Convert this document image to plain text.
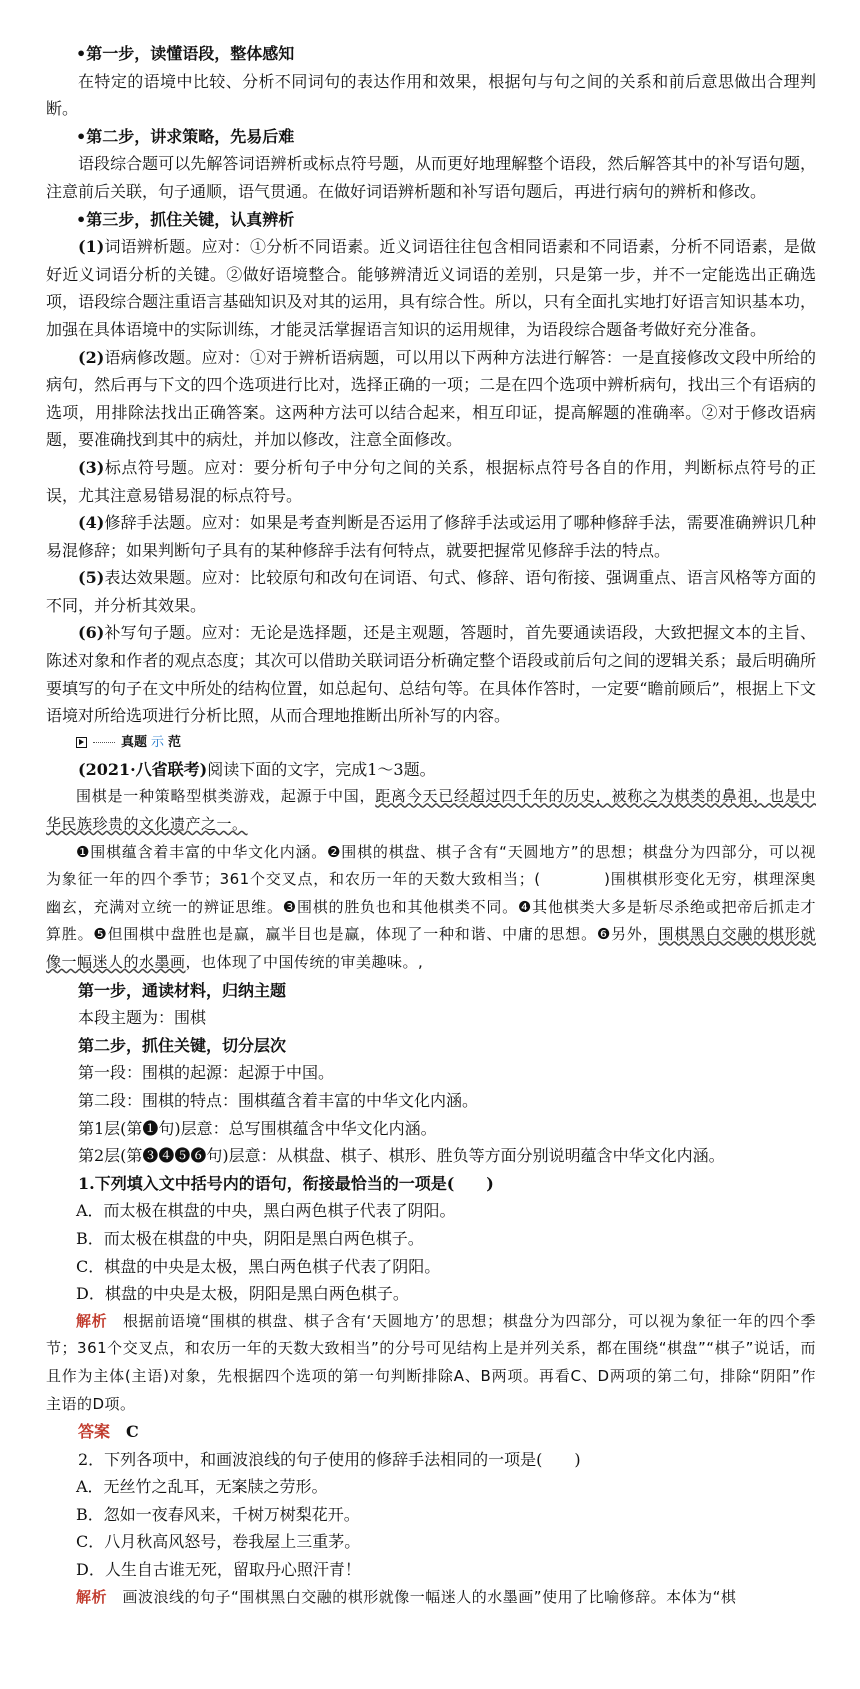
•第一步，读懂语段，整体感知

在特定的语境中比较、分析不同词句的表达作用和效果，根据句与句之间的关系和前后意思做出合理判断。

•第二步，讲求策略，先易后难

语段综合题可以先解答词语辨析或标点符号题，从而更好地理解整个语段，然后解答其中的补写语句题，注意前后关联，句子通顺，语气贯通。在做好词语辨析题和补写语句题后，再进行病句的辨析和修改。

•第三步，抓住关键，认真辨析

(1)词语辨析题。应对：①分析不同语素。近义词语往往包含相同语素和不同语素，分析不同语素，是做好近义词语分析的关键。②做好语境整合。能够辨清近义词语的差别，只是第一步，并不一定能选出正确选项，语段综合题注重语言基础知识及对其的运用，具有综合性。所以，只有全面扎实地打好语言知识基本功，加强在具体语境中的实际训练，才能灵活掌握语言知识的运用规律，为语段综合题备考做好充分准备。

(2)语病修改题。应对：①对于辨析语病题，可以用以下两种方法进行解答：一是直接修改文段中所给的病句，然后再与下文的四个选项进行比对，选择正确的一项；二是在四个选项中辨析病句，找出三个有语病的选项，用排除法找出正确答案。这两种方法可以结合起来，相互印证，提高解题的准确率。②对于修改语病题，要准确找到其中的病灶，并加以修改，注意全面修改。

(3)标点符号题。应对：要分析句子中分句之间的关系，根据标点符号各自的作用，判断标点符号的正误，尤其注意易错易混的标点符号。

(4)修辞手法题。应对：如果是考查判断是否运用了修辞手法或运用了哪种修辞手法，需要准确辨识几种易混修辞；如果判断句子具有的某种修辞手法有何特点，就要把握常见修辞手法的特点。

(5)表达效果题。应对：比较原句和改句在词语、句式、修辞、语句衔接、强调重点、语言风格等方面的不同，并分析其效果。

(6)补写句子题。应对：无论是选择题，还是主观题，答题时，首先要通读语段，大致把握文本的主旨、陈述对象和作者的观点态度；其次可以借助关联词语分析确定整个语段或前后句之间的逻辑关系；最后明确所要填写的句子在文中所处的结构位置，如总起句、总结句等。在具体作答时，一定要“瞻前顾后”，根据上下文语境对所给选项进行分析比照，从而合理地推断出所补写的内容。

真题 示 范

(2021·八省联考)阅读下面的文字，完成1～3题。

围棋是一种策略型棋类游戏，起源于中国，距离今天已经超过四千年的历史，被称之为棋类的鼻祖，也是中华民族珍贵的文化遗产之一。

❶围棋蕴含着丰富的中华文化内涵。❷围棋的棋盘、棋子含有“天圆地方”的思想；棋盘分为四部分，可以视为象征一年的四个季节；361个交叉点，和农历一年的天数大致相当；(　　　　)围棋棋形变化无穷，棋理深奥幽玄，充满对立统一的辨证思维。❸围棋的胜负也和其他棋类不同。❹其他棋类大多是斩尽杀绝或把帝后抓走才算胜。❺但围棋中盘胜也是赢，赢半目也是赢，体现了一种和谐、中庸的思想。❻另外，围棋黑白交融的棋形就像一幅迷人的水墨画，也体现了中国传统的审美趣味。,

第一步，通读材料，归纳主题

本段主题为：围棋

第二步，抓住关键，切分层次

第一段：围棋的起源：起源于中国。

第二段：围棋的特点：围棋蕴含着丰富的中华文化内涵。

第1层(第❶句)层意：总写围棋蕴含中华文化内涵。

第2层(第❸❹❺❻句)层意：从棋盘、棋子、棋形、胜负等方面分别说明蕴含中华文化内涵。

1.下列填入文中括号内的语句，衔接最恰当的一项是(　　)

A．而太极在棋盘的中央，黑白两色棋子代表了阴阳。

B．而太极在棋盘的中央，阴阳是黑白两色棋子。

C．棋盘的中央是太极，黑白两色棋子代表了阴阳。

D．棋盘的中央是太极，阴阳是黑白两色棋子。

解析　 根据前语境“围棋的棋盘、棋子含有‘天圆地方’的思想；棋盘分为四部分，可以视为象征一年的四个季节；361个交叉点，和农历一年的天数大致相当”的分号可见结构上是并列关系，都在围绕“棋盘”“棋子”说话，而且作为主体(主语)对象，先根据四个选项的第一句判断排除A、B两项。再看C、D两项的第二句，排除“阴阳”作主语的D项。

答案　 C

2．下列各项中，和画波浪线的句子使用的修辞手法相同的一项是(　　)

A．无丝竹之乱耳，无案牍之劳形。

B．忽如一夜春风来，千树万树梨花开。

C．八月秋高风怒号，卷我屋上三重茅。

D．人生自古谁无死，留取丹心照汗青！

解析　 画波浪线的句子“围棋黑白交融的棋形就像一幅迷人的水墨画”使用了比喻修辞。本体为“棋
